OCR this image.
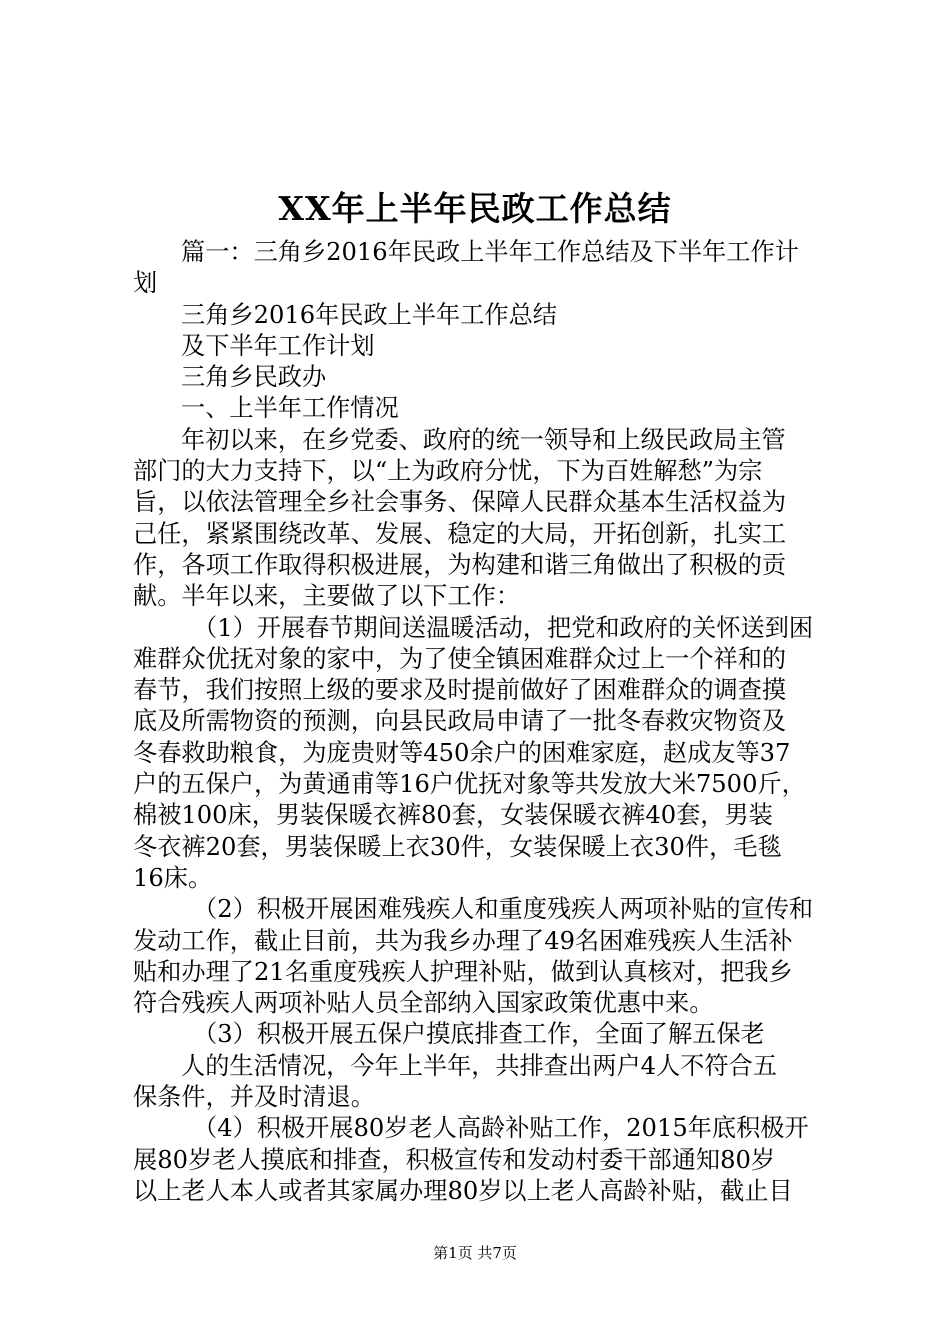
XX年上半年民政工作总结
篇一：三角乡2016年民政上半年工作总结及下半年工作计
划
三角乡2016年民政上半年工作总结
及下半年工作计划
三角乡民政办
一、上半年工作情况
年初以来，在乡党委、政府的统一领导和上级民政局主管
部门的大力支持下，以“上为政府分忧，下为百姓解愁”为宗
旨，以依法管理全乡社会事务、保障人民群众基本生活权益为
己任，紧紧围绕改革、发展、稳定的大局，开拓创新，扎实工
作，各项工作取得积极进展，为构建和谐三角做出了积极的贡
献。半年以来，主要做了以下工作：
（1）开展春节期间送温暖活动，把党和政府的关怀送到困
难群众优抚对象的家中，为了使全镇困难群众过上一个祥和的
春节，我们按照上级的要求及时提前做好了困难群众的调查摸
底及所需物资的预测，向县民政局申请了一批冬春救灾物资及
冬春救助粮食，为庞贵财等450余户的困难家庭，赵成友等37
户的五保户，为黄通甫等16户优抚对象等共发放大米7500斤，
棉被100床，男装保暖衣裤80套，女装保暖衣裤40套，男装
冬衣裤20套，男装保暖上衣30件，女装保暖上衣30件，毛毯
16床。
（2）积极开展困难残疾人和重度残疾人两项补贴的宣传和
发动工作，截止目前，共为我乡办理了49名困难残疾人生活补
贴和办理了21名重度残疾人护理补贴，做到认真核对，把我乡
符合残疾人两项补贴人员全部纳入国家政策优惠中来。
（3）积极开展五保户摸底排查工作，全面了解五保老
人的生活情况，今年上半年，共排查出两户4人不符合五
保条件，并及时清退。
（4）积极开展80岁老人高龄补贴工作，2015年底积极开
展80岁老人摸底和排查，积极宣传和发动村委干部通知80岁
以上老人本人或者其家属办理80岁以上老人高龄补贴，截止目
第1页 共7页
